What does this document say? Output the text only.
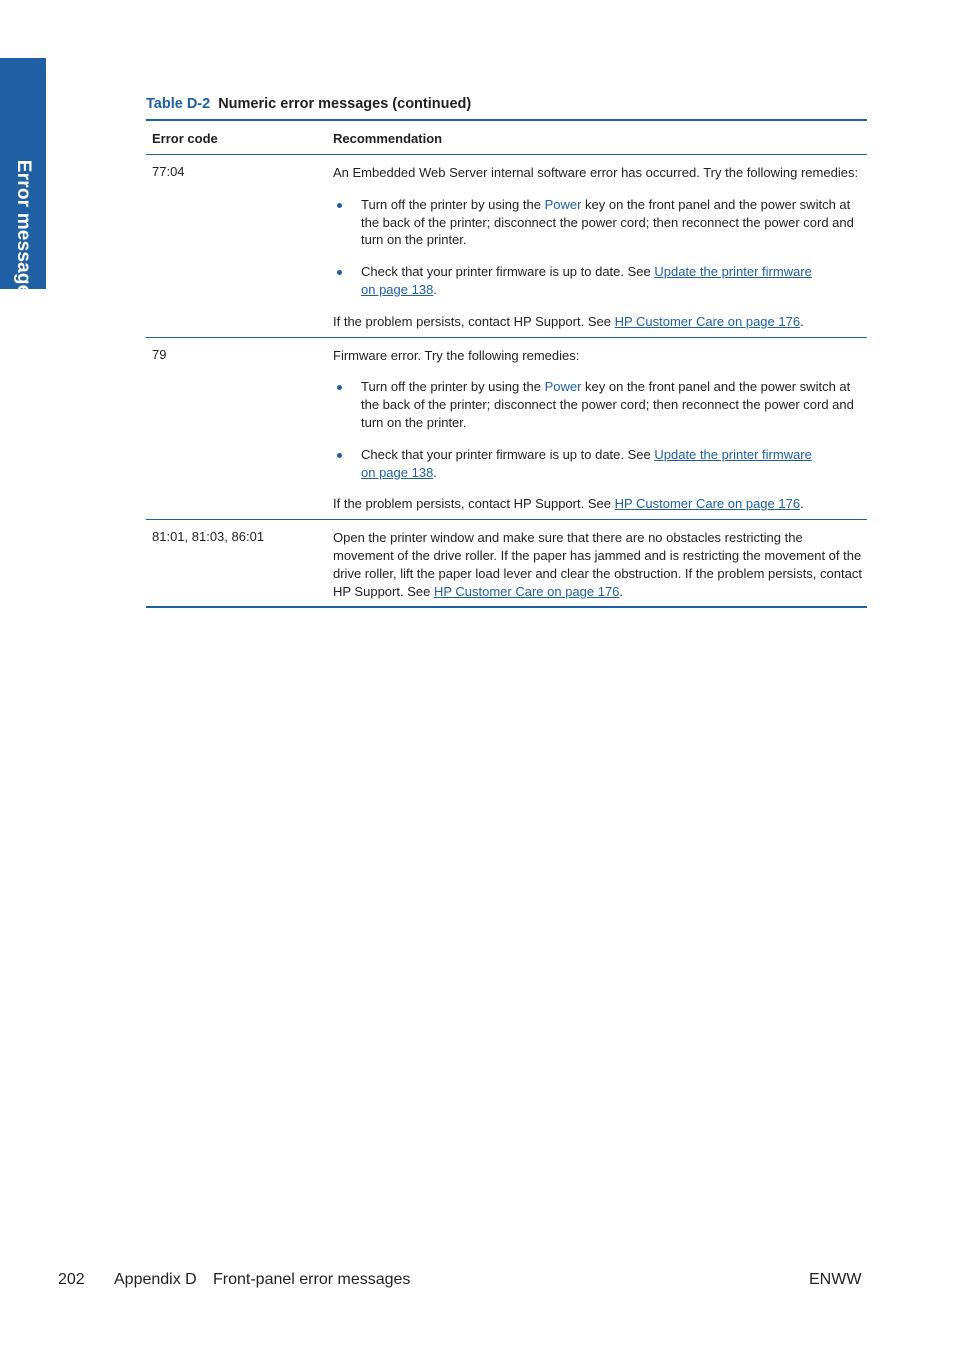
Error messages
Table D-2 Numeric error messages (continued)
Error code	Recommendation
77:04	An Embedded Web Server internal software error has occurred. Try the following remedies:

Turn off the printer by using the Power key on the front panel and the power switch at the back of the printer; disconnect the power cord; then reconnect the power cord and turn on the printer.
Check that your printer firmware is up to date. See Update the printer firmware
on page 138.

If the problem persists, contact HP Support. See HP Customer Care on page 176.

79	Firmware error. Try the following remedies:

Turn off the printer by using the Power key on the front panel and the power switch at the back of the printer; disconnect the power cord; then reconnect the power cord and turn on the printer.
Check that your printer firmware is up to date. See Update the printer firmware
on page 138.

If the problem persists, contact HP Support. See HP Customer Care on page 176.

81:01, 81:03, 86:01	Open the printer window and make sure that there are no obstacles restricting the movement of the drive roller. If the paper has jammed and is restricting the movement of the drive roller, lift the paper load lever and clear the obstruction. If the problem persists, contact HP Support. See HP Customer Care on page 176.

202 Appendix D Front-panel error messages	ENWW
